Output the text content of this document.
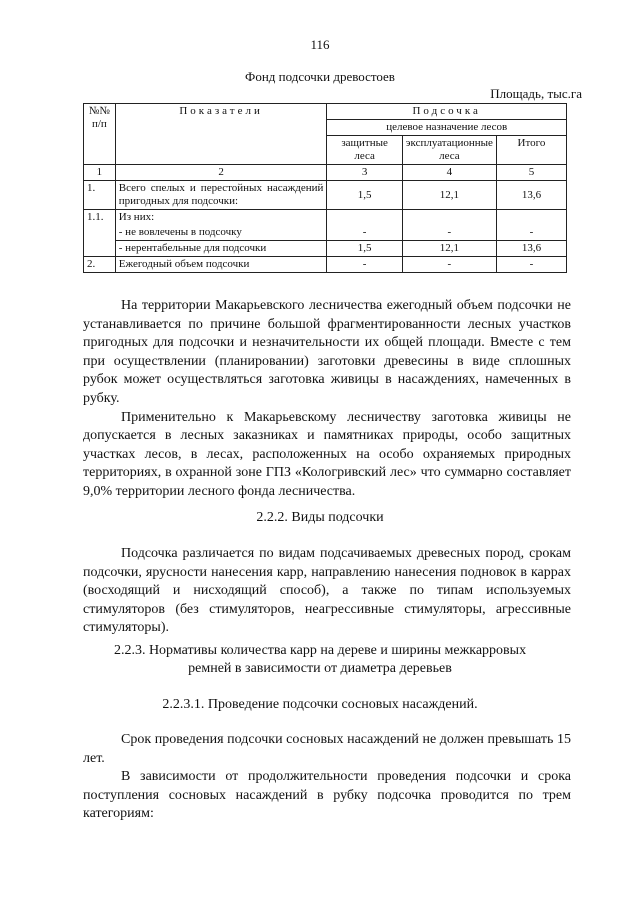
116
Фонд подсочки древостоев
Площадь, тыс.га
№№ п/п	Показатели	Подсочка		
		целевое назначение лесов		
		защитные леса	эксплуатационные леса	Итого
1	2	3	4	5
1.	Всего спелых и перестойных насаждений пригодных для подсочки:	1,5	12,1	13,6
1.1.	Из них:			
	- не вовлечены в подсочку	-	-	-
	- нерентабельные для подсочки	1,5	12,1	13,6
2.	Ежегодный объем подсочки	-	-	-

На территории Макарьевского лесничества ежегодный объем подсочки не устанавливается по причине большой фрагментированности лесных участков пригодных для подсочки и незначительности их общей площади. Вместе с тем при осуществлении (планировании) заготовки древесины в виде сплошных рубок может осуществляться заготовка живицы в насаждениях, намеченных в рубку.

Применительно к Макарьевскому лесничеству заготовка живицы не допускается в лесных заказниках и памятниках природы, особо защитных участках лесов, в лесах, расположенных на особо охраняемых природных территориях, в охранной зоне ГПЗ «Кологривский лес» что суммарно составляет 9,0% территории лесного фонда лесничества.

2.2.2. Виды подсочки

Подсочка различается по видам подсачиваемых древесных пород, срокам подсочки, ярусности нанесения карр, направлению нанесения подновок в каррах (восходящий и нисходящий способ), а также по типам используемых стимуляторов (без стимуляторов, неагрессивные стимуляторы, агрессивные стимуляторы).

2.2.3. Нормативы количества карр на дереве и ширины межкарровых
ремней в зависимости от диаметра деревьев
2.2.3.1. Проведение подсочки сосновых насаждений.

Срок проведения подсочки сосновых насаждений не должен превышать 15 лет.

В зависимости от продолжительности проведения подсочки и срока поступления сосновых насаждений в рубку подсочка проводится по трем категориям:
